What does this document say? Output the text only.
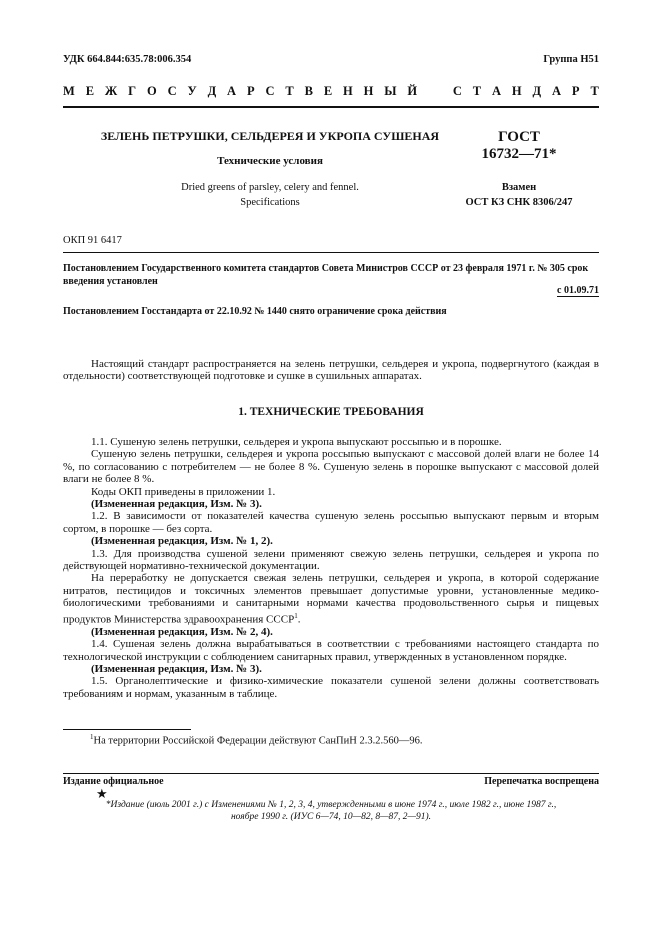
УДК 664.844:635.78:006.354	Группа Н51
М Е Ж Г О С У Д А Р С Т В Е Н Н Ы Й	С Т А Н Д А Р Т
ЗЕЛЕНЬ ПЕТРУШКИ, СЕЛЬДЕРЕЯ И УКРОПА СУШЕНАЯ
Технические условия
Dried greens of parsley, celery and fennel.
Specifications
ГОСТ
16732—71*
Взамен
ОСТ КЗ СНК 8306/247
ОКП 91 6417
Постановлением Государственного комитета стандартов Совета Министров СССР от 23 февраля 1971 г. № 305 срок введения установлен
с 01.09.71
Постановлением Госстандарта от 22.10.92 № 1440 снято ограничение срока действия

Настоящий стандарт распространяется на зелень петрушки, сельдерея и укропа, подвергнутого (каждая в отдельности) соответствующей подготовке и сушке в сушильных аппаратах.

1. ТЕХНИЧЕСКИЕ ТРЕБОВАНИЯ

1.1. Сушеную зелень петрушки, сельдерея и укропа выпускают россыпью и в порошке.

Сушеную зелень петрушки, сельдерея и укропа россыпью выпускают с массовой долей влаги не более 14 %, по согласованию с потребителем — не более 8 %. Сушеную зелень в порошке выпускают с массовой долей влаги не более 8 %.

Коды ОКП приведены в приложении 1.

(Измененная редакция, Изм. № 3).

1.2. В зависимости от показателей качества сушеную зелень россыпью выпускают первым и вторым сортом, в порошке — без сорта.

(Измененная редакция, Изм. № 1, 2).

1.3. Для производства сушеной зелени применяют свежую зелень петрушки, сельдерея и укропа по действующей нормативно-технической документации.

На переработку не допускается свежая зелень петрушки, сельдерея и укропа, в которой содержание нитратов, пестицидов и токсичных элементов превышает допустимые уровни, установленные медико-биологическими требованиями и санитарными нормами качества продовольственного сырья и пищевых продуктов Министерства здравоохранения СССР$^1$.

(Измененная редакция, Изм. № 2, 4).

1.4. Сушеная зелень должна вырабатываться в соответствии с требованиями настоящего стандарта по технологической инструкции с соблюдением санитарных правил, утвержденных в установленном порядке.

(Измененная редакция, Изм. № 3).

1.5. Органолептические и физико-химические показатели сушеной зелени должны соответствовать требованиям и нормам, указанным в таблице.

$^1$На территории Российской Федерации действуют СанПиН 2.3.2.560—96.
Издание официальное
★
Перепечатка воспрещена
*Издание (июль 2001 г.) с Изменениями № 1, 2, 3, 4, утвержденными в июне 1974 г., июле 1982 г., июне 1987 г.,
ноябре 1990 г. (ИУС 6—74, 10—82, 8—87, 2—91).
